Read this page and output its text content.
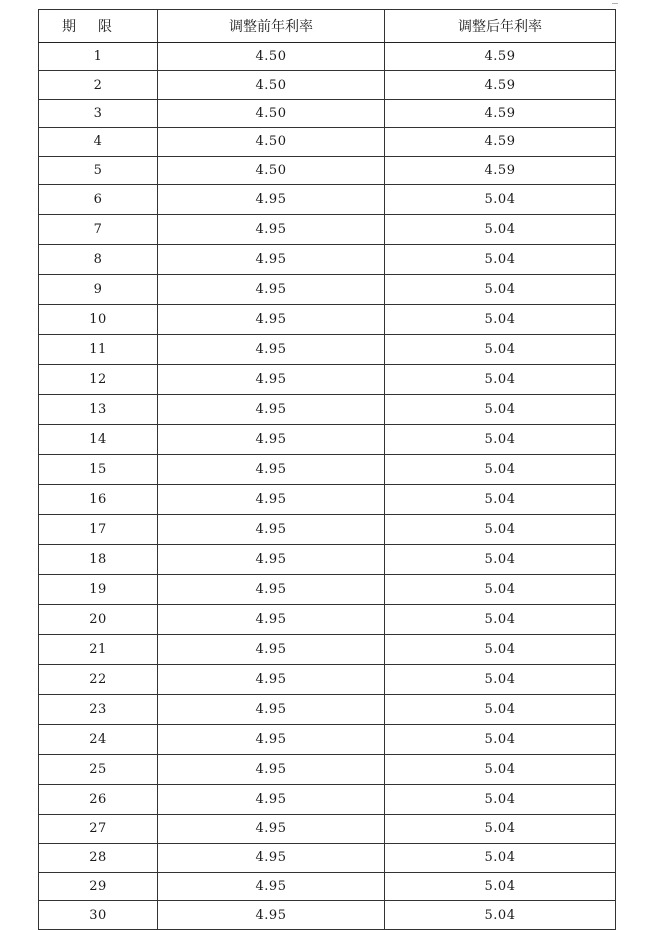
期限	调整前年利率	调整后年利率
1	4.50	4.59
2	4.50	4.59
3	4.50	4.59
4	4.50	4.59
5	4.50	4.59
6	4.95	5.04
7	4.95	5.04
8	4.95	5.04
9	4.95	5.04
10	4.95	5.04
11	4.95	5.04
12	4.95	5.04
13	4.95	5.04
14	4.95	5.04
15	4.95	5.04
16	4.95	5.04
17	4.95	5.04
18	4.95	5.04
19	4.95	5.04
20	4.95	5.04
21	4.95	5.04
22	4.95	5.04
23	4.95	5.04
24	4.95	5.04
25	4.95	5.04
26	4.95	5.04
27	4.95	5.04
28	4.95	5.04
29	4.95	5.04
30	4.95	5.04
